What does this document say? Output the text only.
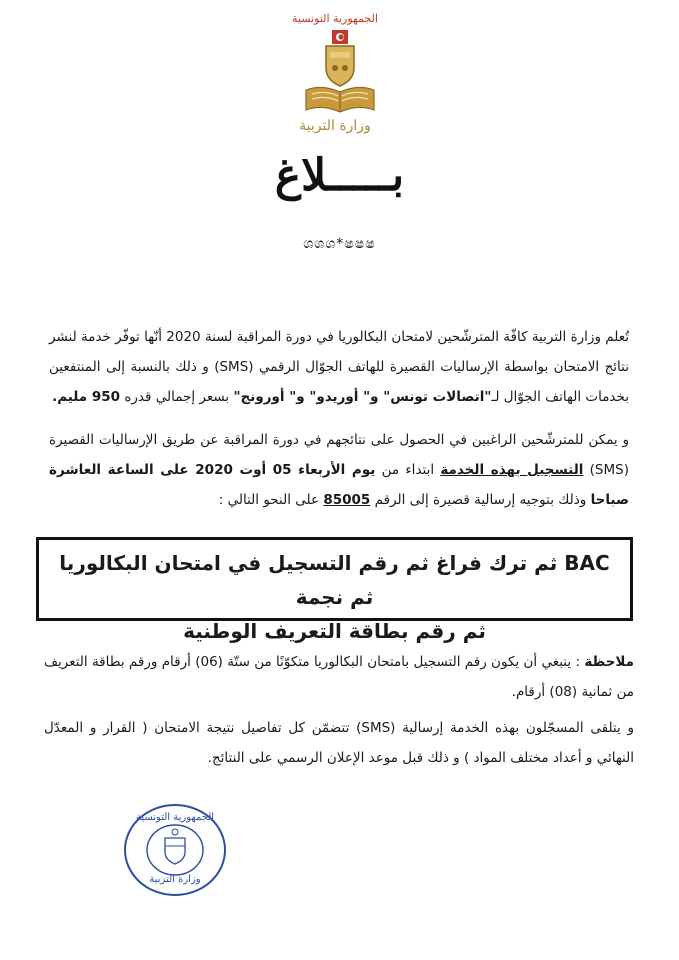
الجمهورية التونسية
وزارة التربية
بـــــلاغ
ශශශ*ෂෂෂ
تُعلم وزارة التربية كافّة المترشّحين لامتحان البكالوريا في دورة المراقبة لسنة 2020 أنّها توفّر خدمة لنشر نتائج الامتحان بواسطة الإرساليات القصيرة للهاتف الجوّال الرقمي (SMS) و ذلك بالنسبة إلى المنتفعين بخدمات الهاتف الجوّال لـ"اتصالات تونس" و" أوريدو" و" أورونج" بسعر إجمالي قدره 950 مليم.
و يمكن للمترشّحين الراغبين في الحصول على نتائجهم في دورة المراقبة عن طريق الإرساليات القصيرة (SMS) التسجيل بهذه الخدمة ابتداء من يوم الأربعاء 05 أوت 2020 على الساعة العاشرة صباحا وذلك بتوجيه إرسالية قصيرة إلى الرقم 85005 على النحو التالي :
BAC ثم ترك فراغ ثم رقم التسجيل في امتحان البكالوريا ثم نجمة
ثم رقم بطاقة التعريف الوطنية
ملاحظة : ينبغي أن يكون رقم التسجيل بامتحان البكالوريا متكوّنًا من ستّة (06) أرقام ورقم بطاقة التعريف من ثمانية (08) أرقام.
و يتلقى المسجّلون بهذه الخدمة إرسالية (SMS) تتضمّن كل تفاصيل نتيجة الامتحان ( القرار و المعدّل النهائي و أعداد مختلف المواد ) و ذلك قبل موعد الإعلان الرسمي على النتائج.
الجمهورية التونسية
وزارة التربية
